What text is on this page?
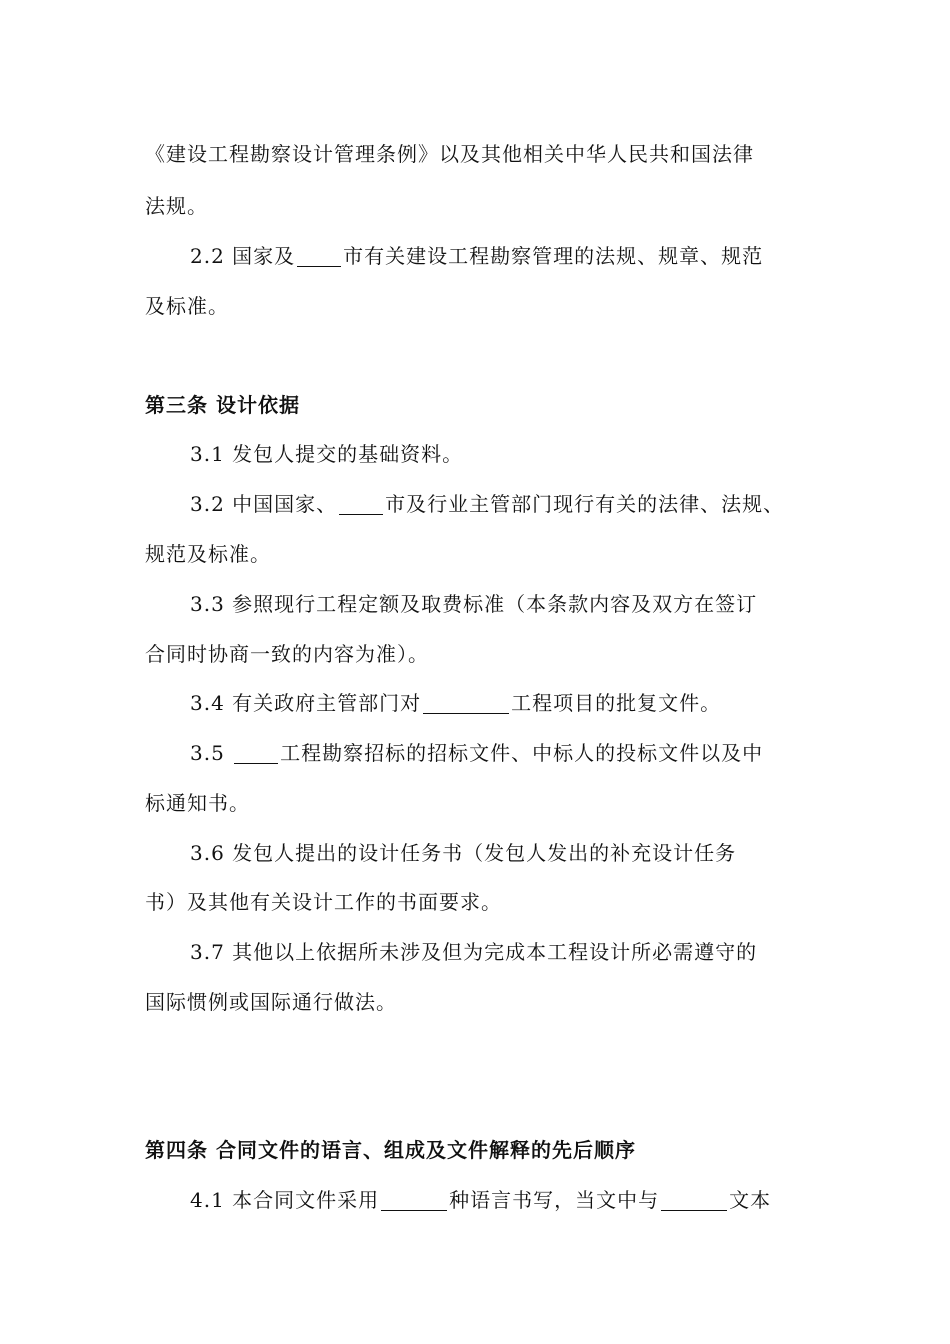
《建设工程勘察设计管理条例》以及其他相关中华人民共和国法律
法规。
2.2 国家及 市有关建设工程勘察管理的法规、规章、规范
及标准。
第三条 设计依据
3.1 发包人提交的基础资料。
3.2 中国国家、 市及行业主管部门现行有关的法律、法规、
规范及标准。
3.3 参照现行工程定额及取费标准（本条款内容及双方在签订
合同时协商一致的内容为准）。
3.4 有关政府主管部门对	工程项目的批复文件。
3.5 工程勘察招标的招标文件、中标人的投标文件以及中
标通知书。
3.6 发包人提出的设计任务书（发包人发出的补充设计任务
书）及其他有关设计工作的书面要求。
3.7 其他以上依据所未涉及但为完成本工程设计所必需遵守的
国际惯例或国际通行做法。
第四条 合同文件的语言、组成及文件解释的先后顺序
4.1 本合同文件采用	种语言书写，当文中与	文本
